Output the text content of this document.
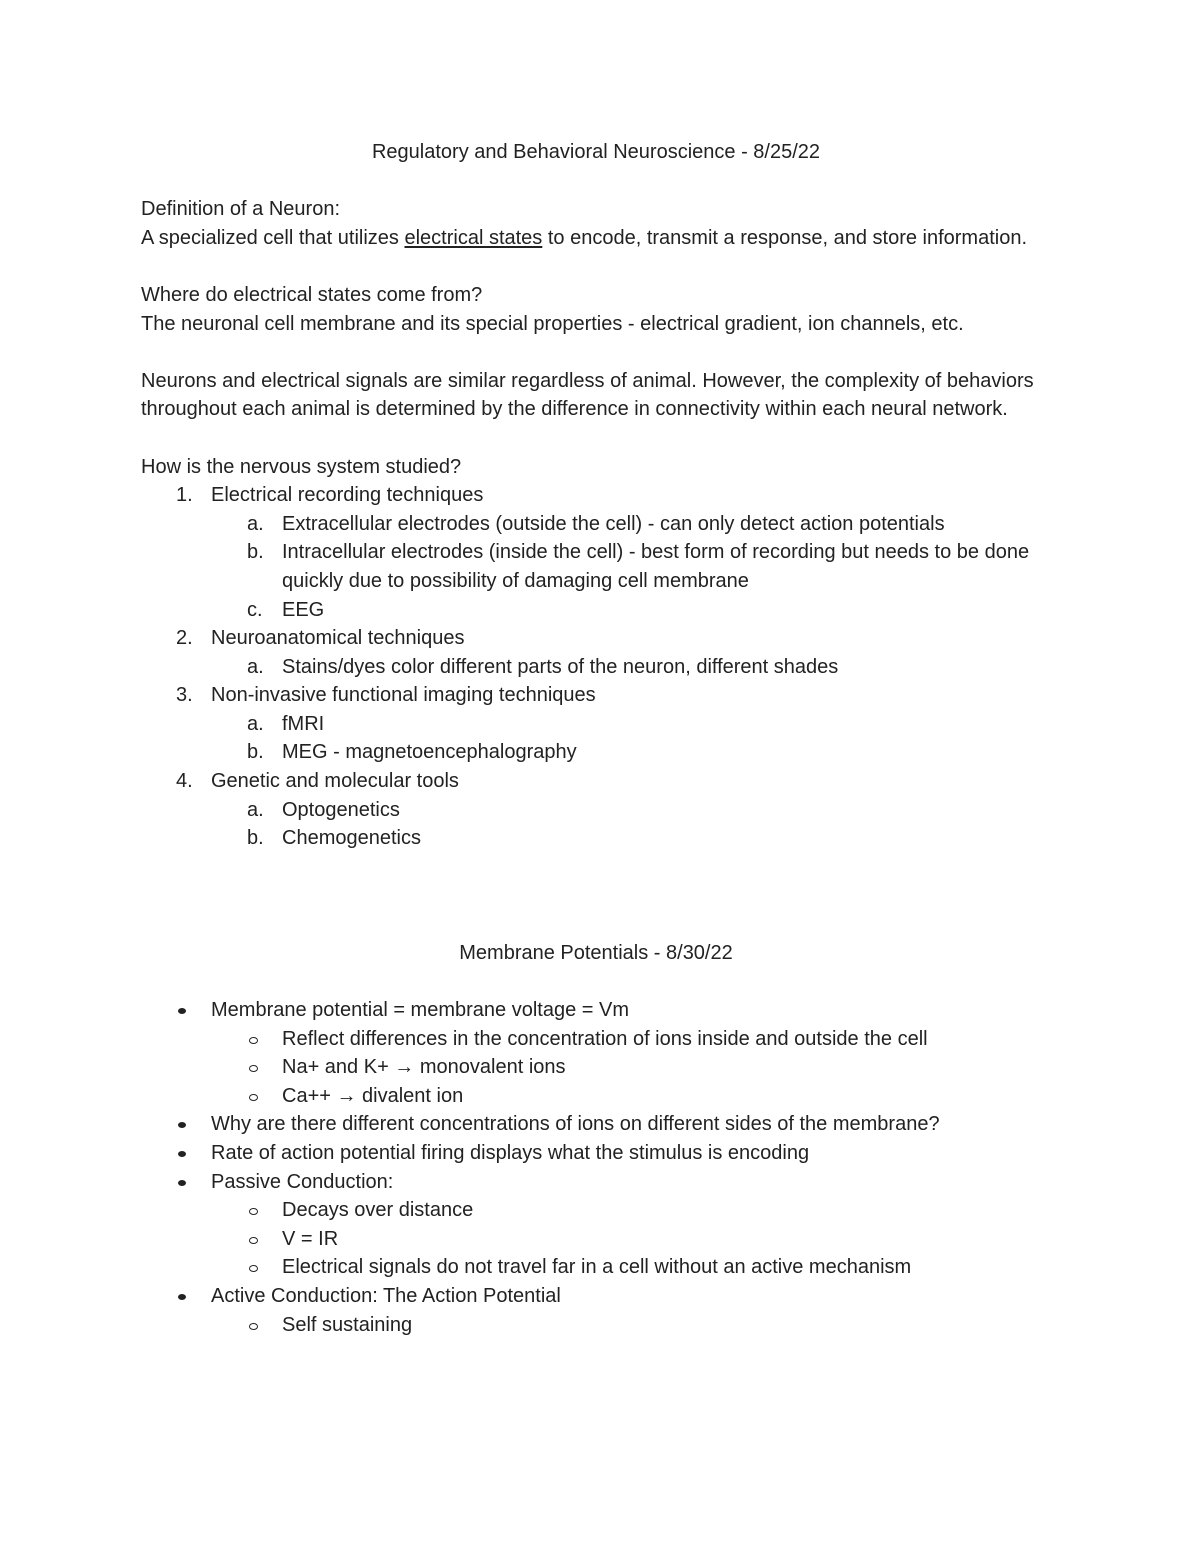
Regulatory and Behavioral Neuroscience - 8/25/22

Definition of a Neuron:

A specialized cell that utilizes electrical states to encode, transmit a response, and store information.

Where do electrical states come from?

The neuronal cell membrane and its special properties - electrical gradient, ion channels, etc.

Neurons and electrical signals are similar regardless of animal. However, the complexity of behaviors throughout each animal is determined by the difference in connectivity within each neural network.

How is the nervous system studied?

1. Electrical recording techniques
a. Extracellular electrodes (outside the cell) - can only detect action potentials
b. Intracellular electrodes (inside the cell) - best form of recording but needs to be done quickly due to possibility of damaging cell membrane
c. EEG
2. Neuroanatomical techniques
a. Stains/dyes color different parts of the neuron, different shades
3. Non-invasive functional imaging techniques
a. fMRI
b. MEG - magnetoencephalography
4. Genetic and molecular tools
a. Optogenetics
b. Chemogenetics

Membrane Potentials - 8/30/22

Membrane potential = membrane voltage = Vm
Reflect differences in the concentration of ions inside and outside the cell
Na+ and K+ → monovalent ions
Ca++ → divalent ion
Why are there different concentrations of ions on different sides of the membrane?
Rate of action potential firing displays what the stimulus is encoding
Passive Conduction:
Decays over distance
V = IR
Electrical signals do not travel far in a cell without an active mechanism
Active Conduction: The Action Potential
Self sustaining
